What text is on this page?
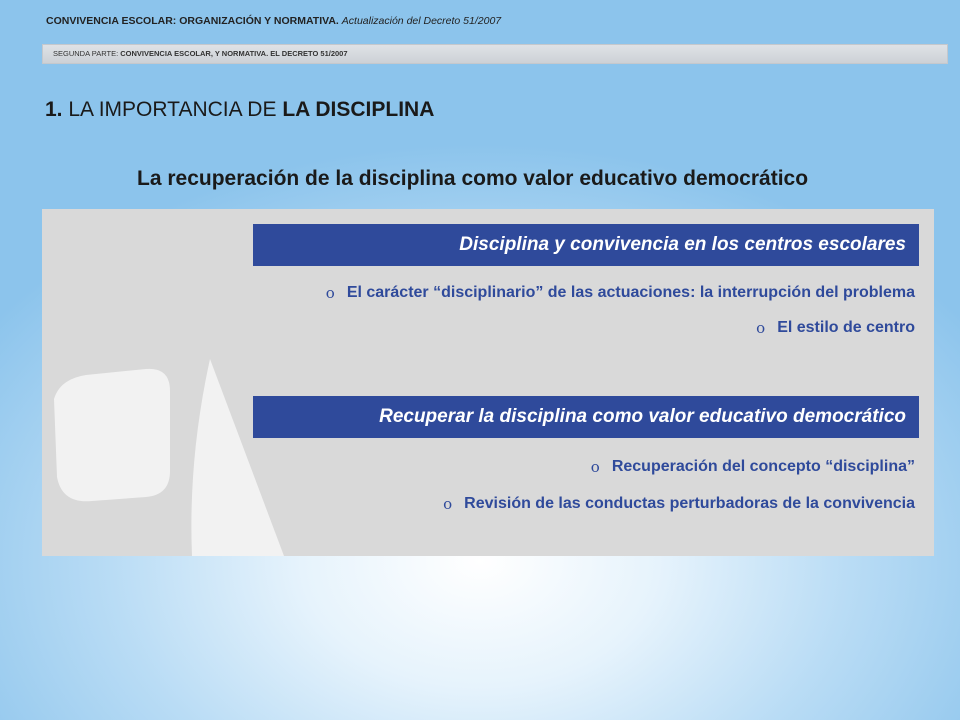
CONVIVENCIA ESCOLAR: ORGANIZACIÓN Y NORMATIVA. Actualización del Decreto 51/2007
SEGUNDA PARTE: CONVIVENCIA ESCOLAR, Y NORMATIVA. EL DECRETO 51/2007
1. LA IMPORTANCIA DE LA DISCIPLINA
La recuperación de la disciplina como valor educativo democrático
Disciplina y convivencia en los centros escolares
o El carácter “disciplinario” de las actuaciones: la interrupción del problema
o El estilo de centro
Recuperar la disciplina como valor educativo democrático
o Recuperación del concepto “disciplina”
o Revisión de las conductas perturbadoras de la convivencia
